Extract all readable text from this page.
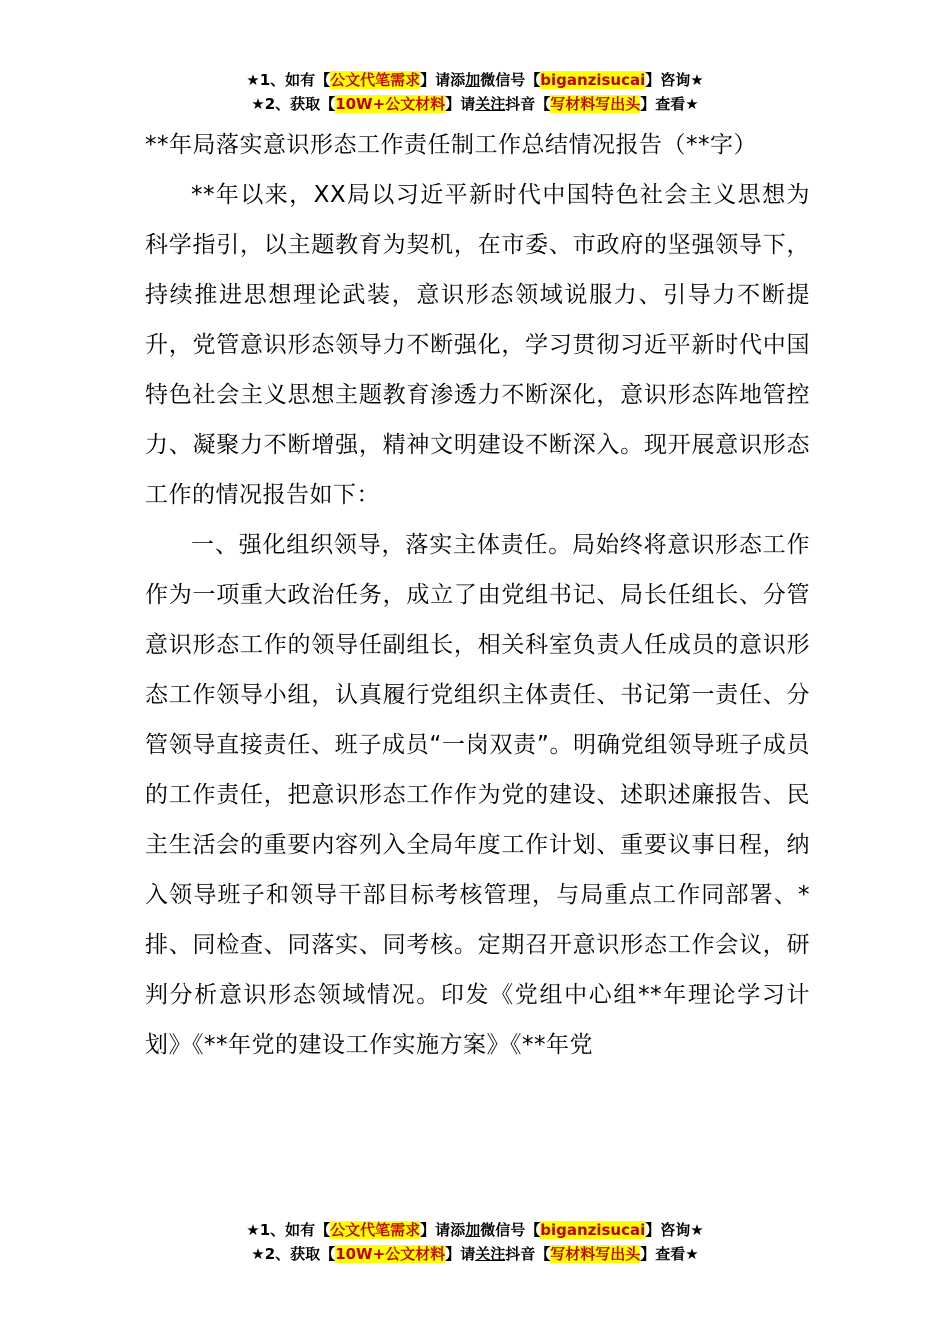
★1、如有【公文代笔需求】请添加微信号【biganzisucai】咨询★
★2、获取【10W+公文材料】请关注抖音【写材料写出头】查看★

**年局落实意识形态工作责任制工作总结情况报告（**字）

**年以来，XX局以习近平新时代中国特色社会主义思想为科学指引，以主题教育为契机，在市委、市政府的坚强领导下，持续推进思想理论武装，意识形态领域说服力、引导力不断提升，党管意识形态领导力不断强化，学习贯彻习近平新时代中国特色社会主义思想主题教育渗透力不断深化，意识形态阵地管控力、凝聚力不断增强，精神文明建设不断深入。现开展意识形态工作的情况报告如下：

一、强化组织领导，落实主体责任。局始终将意识形态工作作为一项重大政治任务，成立了由党组书记、局长任组长、分管意识形态工作的领导任副组长，相关科室负责人任成员的意识形态工作领导小组，认真履行党组织主体责任、书记第一责任、分管领导直接责任、班子成员“一岗双责”。明确党组领导班子成员的工作责任，把意识形态工作作为党的建设、述职述廉报告、民主生活会的重要内容列入全局年度工作计划、重要议事日程，纳入领导班子和领导干部目标考核管理，与局重点工作同部署、*排、同检查、同落实、同考核。定期召开意识形态工作会议，研判分析意识形态领域情况。印发《党组中心组**年理论学习计划》《**年党的建设工作实施方案》《**年党

★1、如有【公文代笔需求】请添加微信号【biganzisucai】咨询★
★2、获取【10W+公文材料】请关注抖音【写材料写出头】查看★
